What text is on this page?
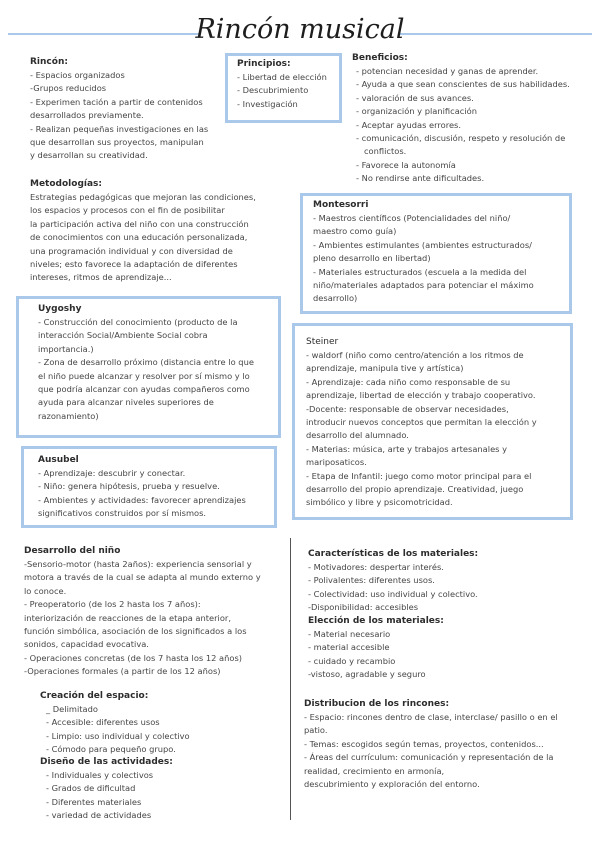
Rincón musical
Rincón:
- Espacios organizados
-Grupos reducidos
- Experimen tación a partir de contenidos
desarrollados previamente.
- Realizan pequeñas investigaciones en las
que desarrollan sus proyectos, manipulan
y desarrollan su creatividad.
Principios:
- Libertad de elección
- Descubrimiento
- Investigación
Beneficios:
- potencian necesidad y ganas de aprender.
- Ayuda a que sean conscientes de sus habilidades.
- valoración de sus avances.
- organización y planificación
- Aceptar ayudas errores.
- comunicación, discusión, respeto y resolución de
conflictos.
- Favorece la autonomía
- No rendirse ante dificultades.
Metodologías:
Estrategias pedagógicas que mejoran las condiciones,
los espacios y procesos con el fin de posibilitar
la participación activa del niño con una construcción
de conocimientos con una educación personalizada,
una programación individual y con diversidad de
niveles; esto favorece la adaptación de diferentes
intereses, ritmos de aprendizaje...
Montesorri
- Maestros científicos (Potencialidades del niño/
maestro como guía)
- Ambientes estimulantes (ambientes estructurados/
pleno desarrollo en libertad)
- Materiales estructurados (escuela a la medida del
niño/materiales adaptados para potenciar el máximo
desarrollo)
Uygoshy
- Construcción del conocimiento (producto de la
interacción Social/Ambiente Social cobra
importancia.)
- Zona de desarrollo próximo (distancia entre lo que
el niño puede alcanzar y resolver por sí mismo y lo
que podría alcanzar con ayudas compañeros como
ayuda para alcanzar niveles superiores de
razonamiento)
Steiner
- waldorf (niño como centro/atención a los ritmos de
aprendizaje, manipula tive y artística)
- Aprendizaje: cada niño como responsable de su
aprendizaje, libertad de elección y trabajo cooperativo.
-Docente: responsable de observar necesidades,
introducir nuevos conceptos que permitan la elección y
desarrollo del alumnado.
- Materias: música, arte y trabajos artesanales y
mariposaticos.
- Etapa de Infantil: juego como motor principal para el
desarrollo del propio aprendizaje. Creatividad, juego
simbólico y libre y psicomotricidad.
Ausubel
- Aprendizaje: descubrir y conectar.
- Niño: genera hipótesis, prueba y resuelve.
- Ambientes y actividades: favorecer aprendizajes
significativos construidos por sí mismos.
Desarrollo del niño
-Sensorio-motor (hasta 2años): experiencia sensorial y
motora a través de la cual se adapta al mundo externo y
lo conoce.
- Preoperatorio (de los 2 hasta los 7 años):
interiorización de reacciones de la etapa anterior,
función simbólica, asociación de los significados a los
sonidos, capacidad evocativa.
- Operaciones concretas (de los 7 hasta los 12 años)
-Operaciones formales (a partir de los 12 años)
Creación del espacio:
_ Delimitado
- Accesible: diferentes usos
- Limpio: uso individual y colectivo
- Cómodo para pequeño grupo.
Diseño de las actividades:
- Individuales y colectivos
- Grados de dificultad
- Diferentes materiales
- variedad de actividades
Características de los materiales:
- Motivadores: despertar interés.
- Polivalentes: diferentes usos.
- Colectividad: uso individual y colectivo.
-Disponibilidad: accesibles
Elección de los materiales:
- Material necesario
- material accesible
- cuidado y recambio
-vistoso, agradable y seguro
Distribucion de los rincones:
- Espacio: rincones dentro de clase, interclase/ pasillo o en el
patio.
- Temas: escogidos según temas, proyectos, contenidos...
- Áreas del currículum: comunicación y representación de la
realidad, crecimiento en armonía,
descubrimiento y exploración del entorno.
